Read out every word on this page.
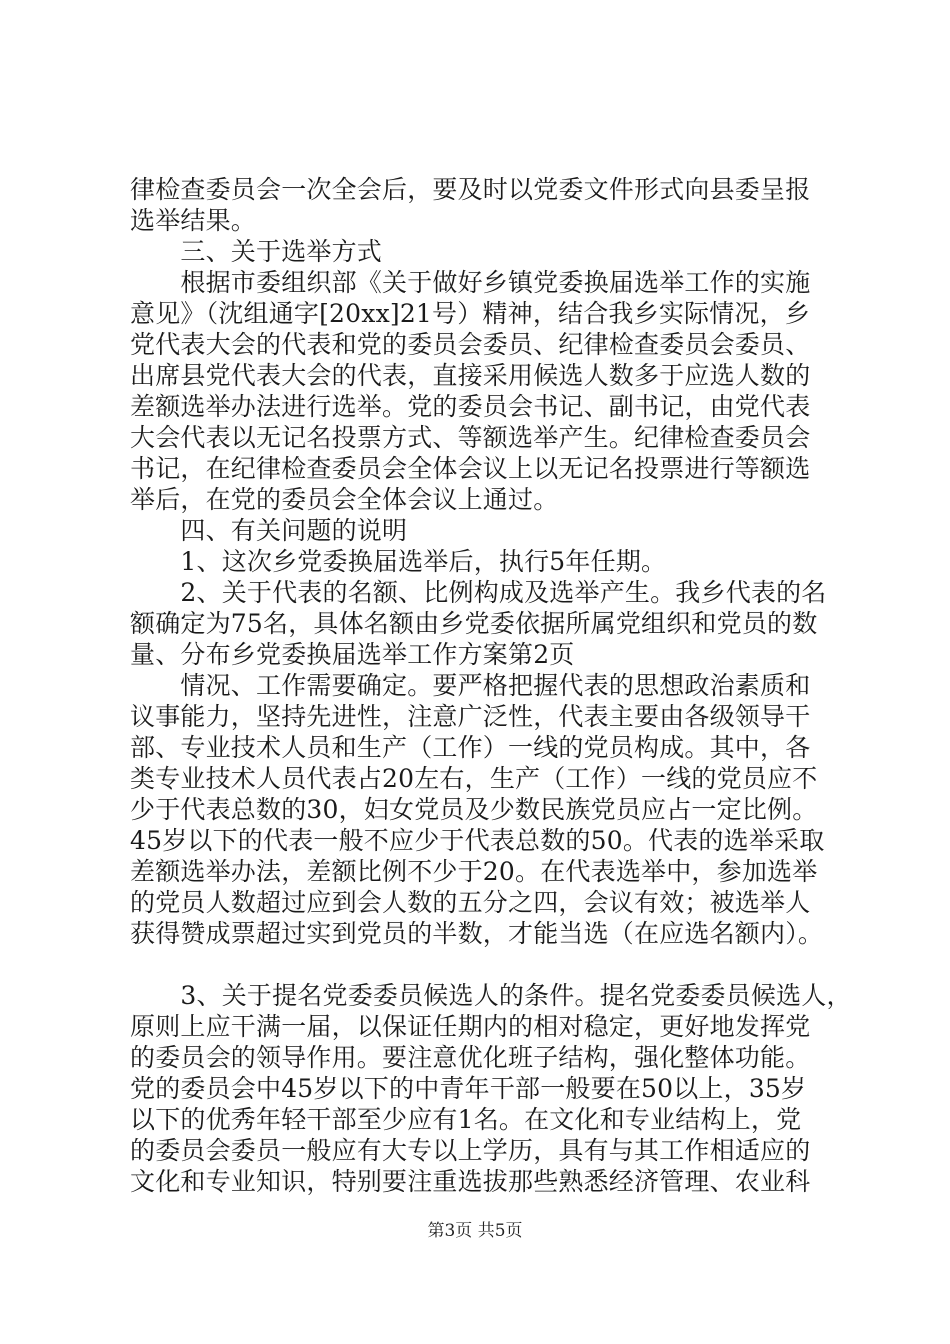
律检查委员会一次全会后，要及时以党委文件形式向县委呈报
选举结果。
　　三、关于选举方式
　　根据市委组织部《关于做好乡镇党委换届选举工作的实施
意见》（沈组通字[20xx]21号）精神，结合我乡实际情况，乡
党代表大会的代表和党的委员会委员、纪律检查委员会委员、
出席县党代表大会的代表，直接采用候选人数多于应选人数的
差额选举办法进行选举。党的委员会书记、副书记，由党代表
大会代表以无记名投票方式、等额选举产生。纪律检查委员会
书记，在纪律检查委员会全体会议上以无记名投票进行等额选
举后，在党的委员会全体会议上通过。
　　四、有关问题的说明
　　1、这次乡党委换届选举后，执行5年任期。
　　2、关于代表的名额、比例构成及选举产生。我乡代表的名
额确定为75名，具体名额由乡党委依据所属党组织和党员的数
量、分布乡党委换届选举工作方案第2页
　　情况、工作需要确定。要严格把握代表的思想政治素质和
议事能力，坚持先进性，注意广泛性，代表主要由各级领导干
部、专业技术人员和生产（工作）一线的党员构成。其中，各
类专业技术人员代表占20左右，生产（工作）一线的党员应不
少于代表总数的30，妇女党员及少数民族党员应占一定比例。
45岁以下的代表一般不应少于代表总数的50。代表的选举采取
差额选举办法，差额比例不少于20。在代表选举中，参加选举
的党员人数超过应到会人数的五分之四，会议有效；被选举人
获得赞成票超过实到党员的半数，才能当选（在应选名额内）。
　　3、关于提名党委委员候选人的条件。提名党委委员候选人，
原则上应干满一届，以保证任期内的相对稳定，更好地发挥党
的委员会的领导作用。要注意优化班子结构，强化整体功能。
党的委员会中45岁以下的中青年干部一般要在50以上，35岁
以下的优秀年轻干部至少应有1名。在文化和专业结构上，党
的委员会委员一般应有大专以上学历，具有与其工作相适应的
文化和专业知识，特别要注重选拔那些熟悉经济管理、农业科
第3页 共5页
